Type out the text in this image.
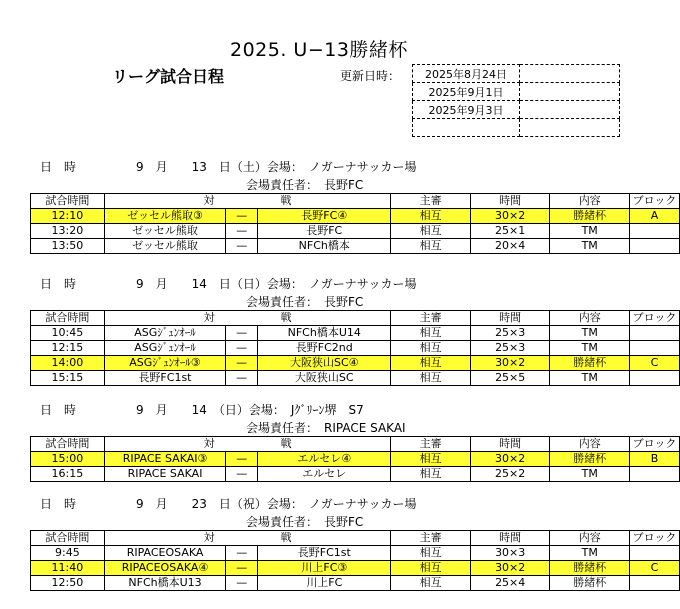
2025. U−13勝緒杯
リーグ試合日程	更新日時： 2025年8月24日	
2025年9月1日	
2025年9月3日	

日　時　　　　　9　月　　13　日（土）会場：　ノガーナサッカー場
会場責任者：　長野FC
試合時間	対　　　　　　戦			主審	時間	内容	ブロック
12:10	ゼッセル熊取③	—	長野FC④	相互	30×2	勝緒杯	A
13:20	ゼッセル熊取	—	長野FC	相互	25×1	TM	
13:50	ゼッセル熊取	—	NFCh橋本	相互	20×4	TM	
日　時　　　　　9　月　　14　日（日）会場：　ノガーナサッカー場
会場責任者：　長野FC
試合時間	対　　　　　　戦			主審	時間	内容	ブロック
10:45	ASGｼﾞｭﾝｵｰﾙ	—	NFCh橋本U14	相互	25×3	TM	
12:15	ASGｼﾞｭﾝｵｰﾙ	—	長野FC2nd	相互	25×3	TM	
14:00	ASGｼﾞｭﾝｵｰﾙ③	—	大阪狭山SC④	相互	30×2	勝緒杯	C
15:15	長野FC1st	—	大阪狭山SC	相互	25×5	TM	
日　時　　　　　9　月　　14　（日）会場：　Jｸﾞﾘｰﾝ堺　S7
会場責任者：　RIPACE SAKAI
試合時間	対　　　　　　戦			主審	時間	内容	ブロック
15:00	RIPACE SAKAI③	—	エルセレ④	相互	30×2	勝緒杯	B
16:15	RIPACE SAKAI	—	エルセレ	相互	25×2	TM	
日　時　　　　　9　月　　23　日（祝）会場：　ノガーナサッカー場
会場責任者：　長野FC
試合時間	対　　　　　　戦			主審	時間	内容	ブロック
9:45	RIPACEOSAKA	—	長野FC1st	相互	30×3	TM	
11:40	RIPACEOSAKA④	—	川上FC③	相互	30×2	勝緒杯	C
12:50	NFCh橋本U13	—	川上FC	相互	25×4	勝緒杯	
